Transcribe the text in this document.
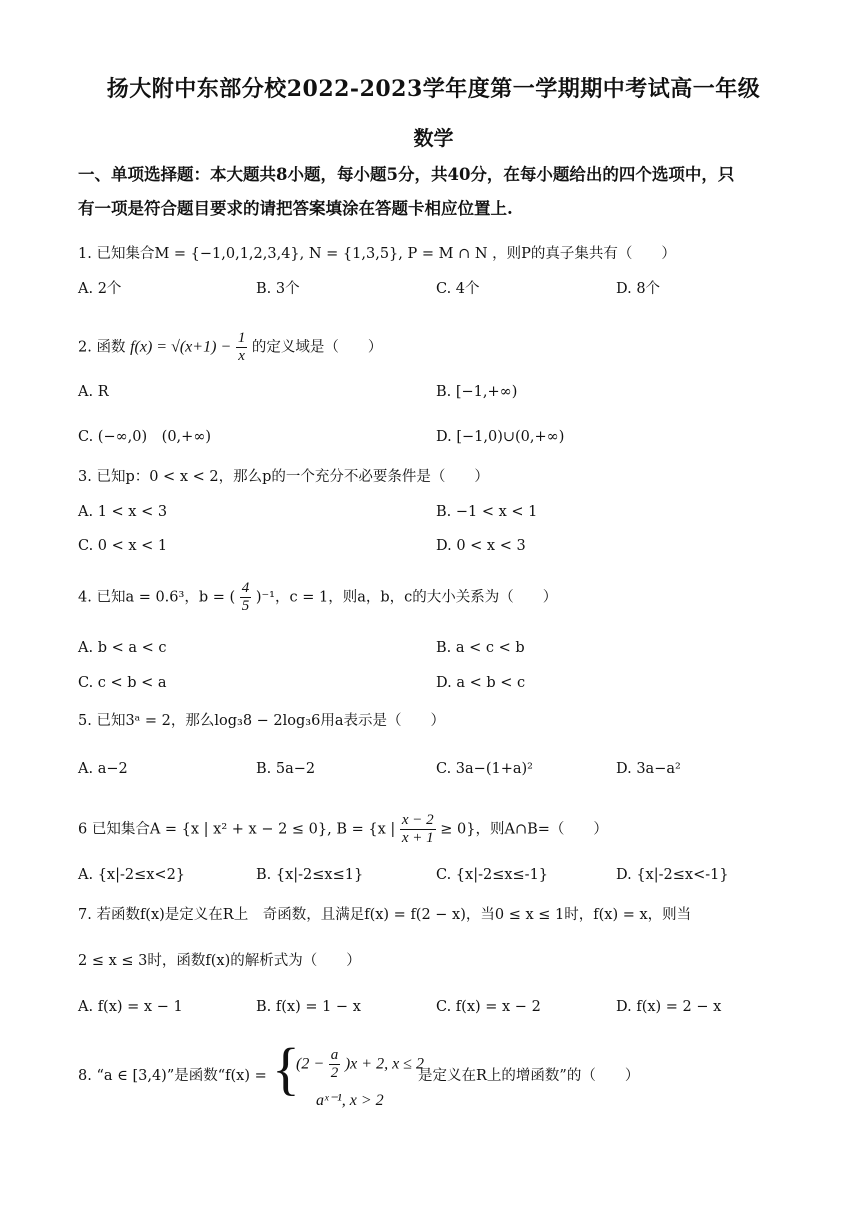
扬大附中东部分校2022-2023学年度第一学期期中考试高一年级
数学
一、单项选择题：本大题共8小题，每小题5分，共40分，在每小题给出的四个选项中，只
有一项是符合题目要求的请把答案填涂在答题卡相应位置上.
1. 已知集合M = {−1,0,1,2,3,4}, N = {1,3,5}, P = M ∩ N ，则P的真子集共有（　　）
A. 2个	B. 3个	C. 4个	D. 8个
2. 函数 $f(x) = √(x+1) - \frac{1}{x}$ 的定义域是（　　）
A. R	B. [−1,+∞)
C. (−∞,0)　(0,+∞)	D. [−1,0)∪(0,+∞)
3. 已知p：0 < x < 2，那么p的一个充分不必要条件是（　　）
A. 1 < x < 3	B. −1 < x < 1
C. 0 < x < 1	D. 0 < x < 3
4. 已知a = 0.6³，b = ( $\frac{4}{5} )^{-1}$，c = 1，则a，b，c的大小关系为（　　）
A. b < a < c	B. a < c < b
C. c < b < a	D. a < b < c
5. 已知3ᵃ = 2，那么log₃8 − 2log₃6用a表示是（　　）
A. a−2	B. 5a−2	C. 3a−(1+a)²	D. 3a−a²
6 已知集合A = {x | x² + x − 2 ≤ 0}, B = {x | $\frac{x - 2}{x + 1} \ge 0$}，则A∩B=（　　）
A. {x|-2≤x<2}	B. {x|-2≤x≤1}	C. {x|-2≤x≤-1}	D. {x|-2≤x<-1}
7. 若函数f(x)是定义在R上　奇函数，且满足f(x) = f(2 − x)，当0 ≤ x ≤ 1时，f(x) = x，则当
2 ≤ x ≤ 3时，函数f(x)的解析式为（　　）
A. f(x) = x − 1	B. f(x) = 1 − x	C. f(x) = x − 2	D. f(x) = 2 − x
8. “a ∈ [3,4)”是函数“f(x) = {
$(2 - \frac{a}{2} )x + 2$, x ≤ 2
aˣ⁻¹, x > 2
是定义在R上的增函数”的（　　）
